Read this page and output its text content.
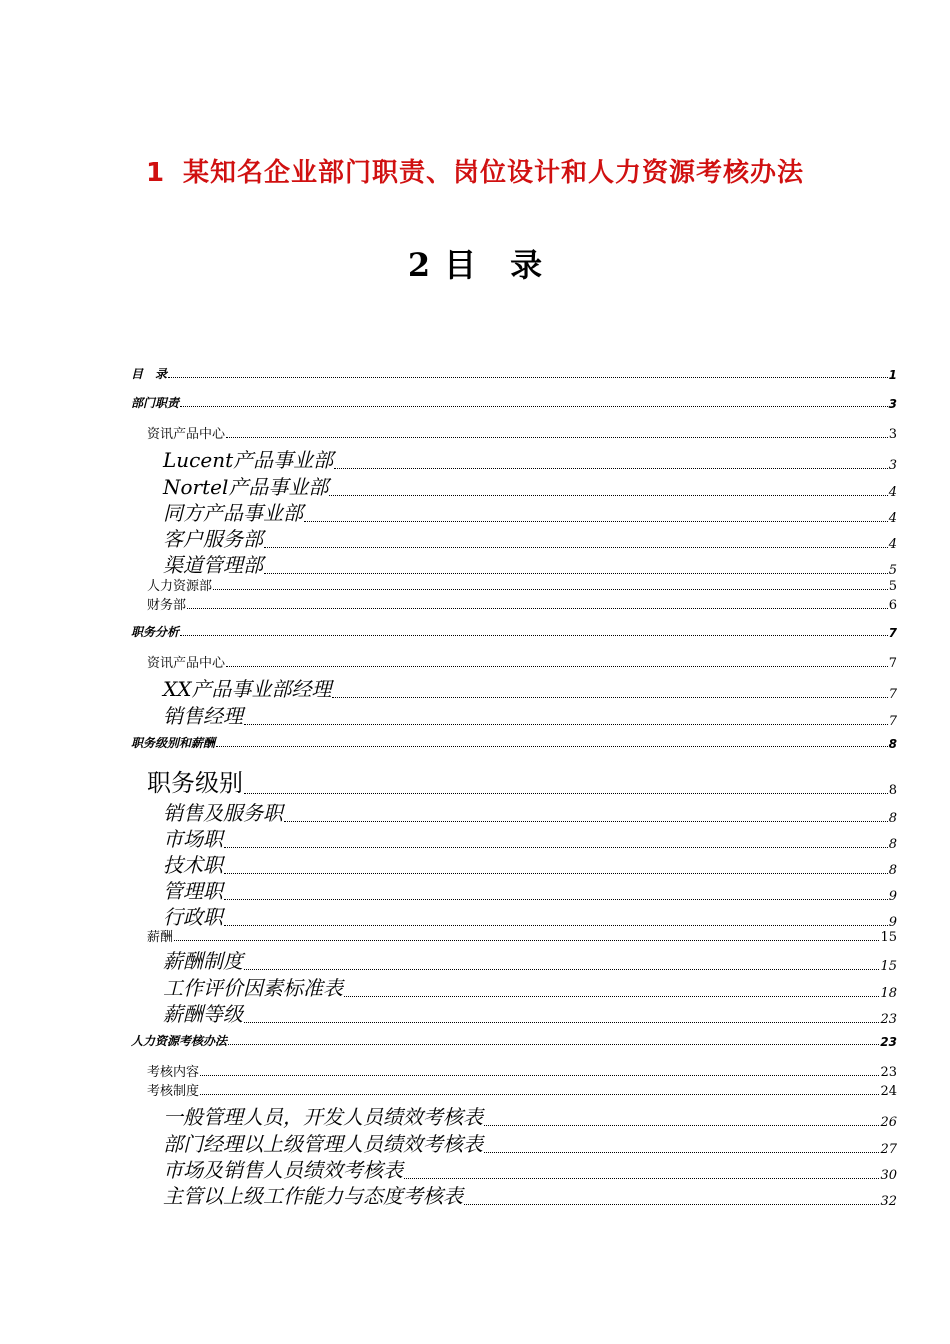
1 某知名企业部门职责、岗位设计和人力资源考核办法
2 目 录
目　录	1
部门职责	3
资讯产品中心	3
Lucent产品事业部	3
Nortel产品事业部	4
同方产品事业部	4
客户服务部	4
渠道管理部	5
人力资源部	5
财务部	6
职务分析	7
资讯产品中心	7
XX产品事业部经理	7
销售经理	7
职务级别和薪酬	8
职务级别	8
销售及服务职	8
市场职	8
技术职	8
管理职	9
行政职	9
薪酬	15
薪酬制度	15
工作评价因素标准表	18
薪酬等级	23
人力资源考核办法	23
考核内容	23
考核制度	24
一般管理人员，开发人员绩效考核表	26
部门经理以上级管理人员绩效考核表	27
市场及销售人员绩效考核表	30
主管以上级工作能力与态度考核表	32
